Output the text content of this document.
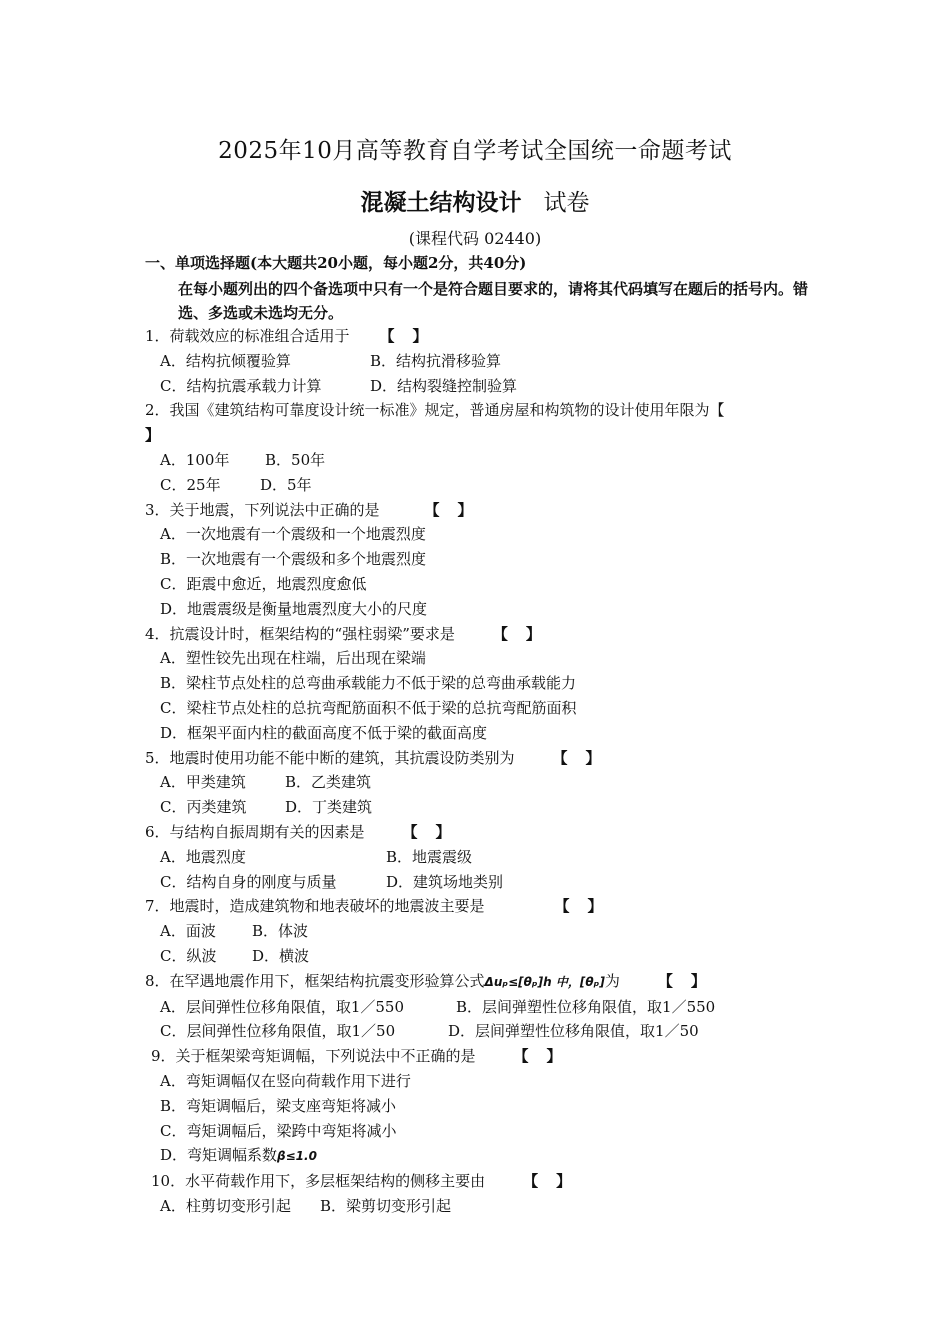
2025年10月高等教育自学考试全国统一命题考试
混凝土结构设计 试卷
(课程代码 02440)
一、单项选择题(本大题共20小题，每小题2分，共40分)
在每小题列出的四个备选项中只有一个是符合题目要求的，请将其代码填写在题后的括号内。错选、多选或未选均无分。
1．荷载效应的标准组合适用于 【】
A．结构抗倾覆验算	B．结构抗滑移验算
C．结构抗震承载力计算	D．结构裂缝控制验算
2．我国《建筑结构可靠度设计统一标准》规定，普通房屋和构筑物的设计使用年限为【
】
A．100年 B．50年
C．25年	D．5年
3．关于地震，下列说法中正确的是	【】
A．一次地震有一个震级和一个地震烈度
B．一次地震有一个震级和多个地震烈度
C．距震中愈近，地震烈度愈低
D．地震震级是衡量地震烈度大小的尺度
4．抗震设计时，框架结构的“强柱弱梁”要求是	【】
A．塑性铰先出现在柱端，后出现在梁端
B．梁柱节点处柱的总弯曲承载能力不低于梁的总弯曲承载能力
C．梁柱节点处柱的总抗弯配筋面积不低于梁的总抗弯配筋面积
D．框架平面内柱的截面高度不低于梁的截面高度
5．地震时使用功能不能中断的建筑，其抗震设防类别为	【】
A．甲类建筑	B．乙类建筑
C．丙类建筑	D．丁类建筑
6．与结构自振周期有关的因素是	【】
A．地震烈度	B．地震震级
C．结构自身的刚度与质量	D．建筑场地类别
7．地震时，造成建筑物和地表破坏的地震波主要是	【】
A．面波 B．体波
C．纵波 D．横波
8．在罕遇地震作用下，框架结构抗震变形验算公式Δuₚ≤[θₚ]h 中，[θₚ]为	【】
A．层间弹性位移角限值，取1／550	B．层间弹塑性位移角限值，取1／550
C．层间弹性位移角限值，取1／50	D．层间弹塑性位移角限值，取1／50
9．关于框架梁弯矩调幅，下列说法中不正确的是	【】
A．弯矩调幅仅在竖向荷载作用下进行
B．弯矩调幅后，梁支座弯矩将减小
C．弯矩调幅后，梁跨中弯矩将减小
D．弯矩调幅系数β≤1.0
10．水平荷载作用下，多层框架结构的侧移主要由	【】
A．柱剪切变形引起 B．梁剪切变形引起
